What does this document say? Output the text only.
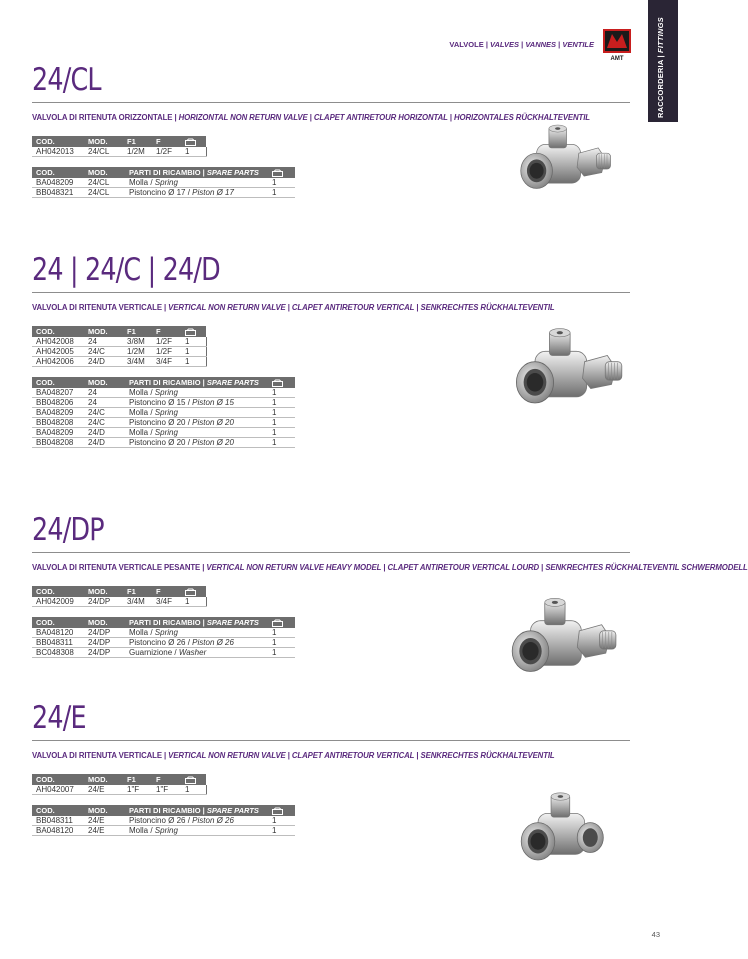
RACCORDERIA | FITTINGS
VALVOLE | VALVES | VANNES | VENTILE
AMT
24/CL
VALVOLA DI RITENUTA ORIZZONTALE | HORIZONTAL NON RETURN VALVE | CLAPET ANTIRETOUR HORIZONTAL | HORIZONTALES RÜCKHALTEVENTIL
COD.	MOD.	F1	F	
AH042013	24/CL	1/2M	1/2F	1
COD.	MOD.	PARTI DI RICAMBIO | SPARE PARTS	
BA048209	24/CL	Molla / Spring	1
BB048321	24/CL	Pistoncino Ø 17 / Piston Ø 17	1
24 | 24/C | 24/D
VALVOLA DI RITENUTA VERTICALE | VERTICAL NON RETURN VALVE | CLAPET ANTIRETOUR VERTICAL | SENKRECHTES RÜCKHALTEVENTIL
COD.	MOD.	F1	F	
AH042008	24	3/8M	1/2F	1
AH042005	24/C	1/2M	1/2F	1
AH042006	24/D	3/4M	3/4F	1
COD.	MOD.	PARTI DI RICAMBIO | SPARE PARTS	
BA048207	24	Molla / Spring	1
BB048206	24	Pistoncino Ø 15 / Piston Ø 15	1
BA048209	24/C	Molla / Spring	1
BB048208	24/C	Pistoncino Ø 20 / Piston Ø 20	1
BA048209	24/D	Molla / Spring	1
BB048208	24/D	Pistoncino Ø 20 / Piston Ø 20	1
24/DP
VALVOLA DI RITENUTA VERTICALE PESANTE | VERTICAL NON RETURN VALVE HEAVY MODEL | CLAPET ANTIRETOUR VERTICAL LOURD | SENKRECHTES RÜCKHALTEVENTIL SCHWERMODELL
COD.	MOD.	F1	F	
AH042009	24/DP	3/4M	3/4F	1
COD.	MOD.	PARTI DI RICAMBIO | SPARE PARTS	
BA048120	24/DP	Molla / Spring	1
BB048311	24/DP	Pistoncino Ø 26 / Piston Ø 26	1
BC048308	24/DP	Guarnizione / Washer	1
24/E
VALVOLA DI RITENUTA VERTICALE | VERTICAL NON RETURN VALVE | CLAPET ANTIRETOUR VERTICAL | SENKRECHTES RÜCKHALTEVENTIL
COD.	MOD.	F1	F	
AH042007	24/E	1"F	1"F	1
COD.	MOD.	PARTI DI RICAMBIO | SPARE PARTS	
BB048311	24/E	Pistoncino Ø 26 / Piston Ø 26	1
BA048120	24/E	Molla / Spring	1
43
